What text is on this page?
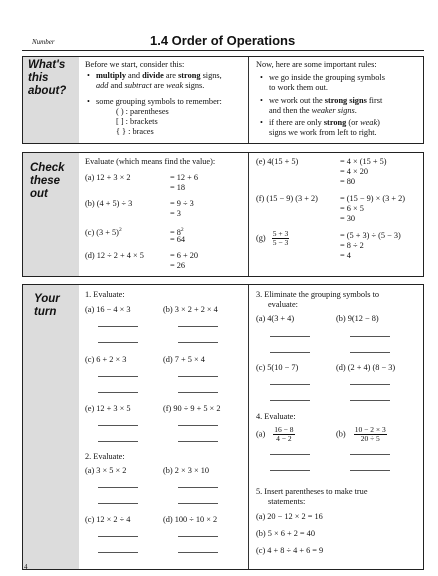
Number	1.4 Order of Operations
What's
this
about?
Before we start, consider this:
• multiply and divide are strong signs,
add and subtract are weak signs.
• some grouping symbols to remember:
( ) : parentheses
[ ] : brackets
{ } : braces
Now, here are some important rules:
• we go inside the grouping symbols
to work them out.
• we work out the strong signs first
and then the weaker signs.
• if there are only strong (or weak)
signs we work from left to right.
Check
these
out
Evaluate (which means find the value):
(a) 12 + 3 × 2	= 12 + 6
= 18
(b) (4 + 5) ÷ 3	= 9 ÷ 3
= 3
(c) $(3 + 5)^2$	= $8^2$
= 64
(d) 12 ÷ 2 + 4 × 5	= 6 + 20
= 26
(e) 4(15 + 5)	= 4 × (15 + 5)
= 4 × 20
= 80
(f) (15 − 9) (3 + 2)	= (15 − 9) × (3 + 2)
= 6 × 5
= 30
$(g) \frac{5 + 3}{5 - 3}$	= (5 + 3) ÷ (5 − 3)
= 8 ÷ 2
= 4
Your
turn
1. Evaluate:
(a) 16 − 4 × 3	(b) 3 × 2 + 2 × 4
(c) 6 + 2 × 3	(d) 7 + 5 × 4
(e) 12 + 3 × 5	(f) 90 ÷ 9 + 5 × 2
2. Evaluate:
(a) 3 × 5 × 2	(b) 2 × 3 × 10
(c) 12 × 2 ÷ 4	(d) 100 ÷ 10 × 2
3. Eliminate the grouping symbols to
evaluate:
(a) 4(3 + 4)	(b) 9(12 − 8)
(c) 5(10 − 7)	(d) (2 + 4) (8 − 3)
4. Evaluate:
$(a) \frac{16 - 8}{4 - 2}$	$(b) \frac{10 - 2 \times 3}{20 \div 5}$
5. Insert parentheses to make true
statements:
(a) 20 − 12 × 2 = 16
(b) 5 × 6 + 2 = 40
(c) 4 + 8 ÷ 4 + 6 = 9
4
